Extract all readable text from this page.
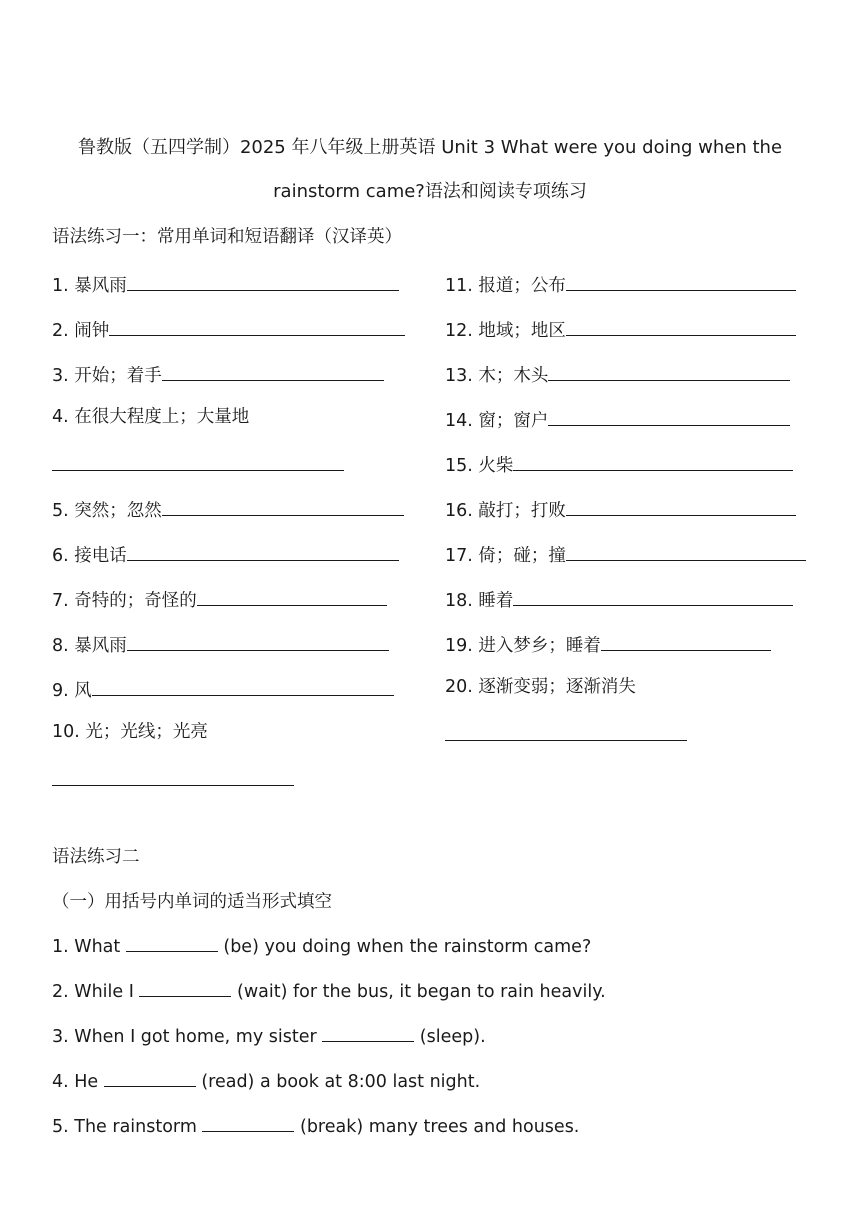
鲁教版（五四学制）2025 年八年级上册英语 Unit 3 What were you doing when the
rainstorm came?语法和阅读专项练习
语法练习一：常用单词和短语翻译（汉译英）
1. 暴风雨
2. 闹钟
3. 开始；着手
4. 在很大程度上；大量地
5. 突然；忽然
6. 接电话
7. 奇特的；奇怪的
8. 暴风雨
9. 风
10. 光；光线；光亮
11. 报道；公布
12. 地域；地区
13. 木；木头
14. 窗；窗户
15. 火柴
16. 敲打；打败
17. 倚；碰；撞
18. 睡着
19. 进入梦乡；睡着
20. 逐渐变弱；逐渐消失
语法练习二
（一）用括号内单词的适当形式填空
1. What	(be) you doing when the rainstorm came?
2. While I	(wait) for the bus, it began to rain heavily.
3. When I got home, my sister	(sleep).
4. He	(read) a book at 8:00 last night.
5. The rainstorm	(break) many trees and houses.
